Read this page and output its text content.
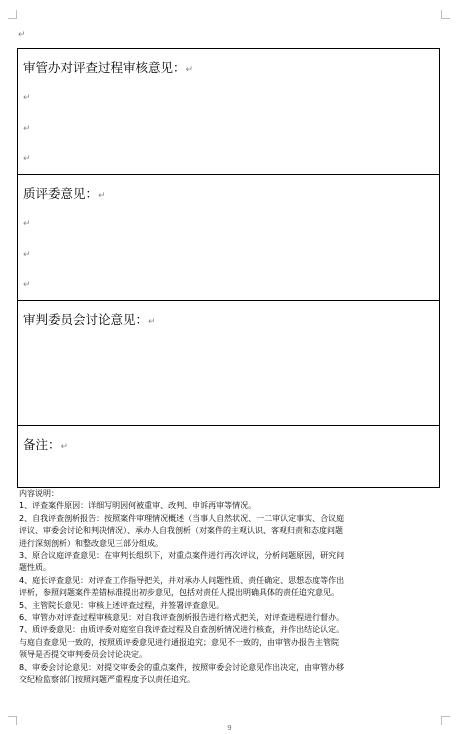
↵
审管办对评查过程审核意见：↵
↵
↵
↵
质评委意见：↵
↵
↵
↵
审判委员会讨论意见：↵
备注：↵
内容说明：
1、评查案件原因：详细写明因何被重审、改判、申诉再审等情况。
2、自我评查剖析报告：按照案件审理情况概述（当事人自然状况、一二审认定事实、合议庭
评议、审委会讨论和判决情况）、承办人自我剖析（对案件的主观认识、客观归责和态度问题
进行深刻剖析）和整改意见三部分组成。
3、原合议庭评查意见：在审判长组织下，对重点案件进行再次评议，分析问题原因，研究问
题性质。
4、庭长评查意见：对评查工作指导把关，并对承办人问题性质、责任确定、思想态度等作出
评析，参照问题案件差错标准提出初步意见，包括对责任人提出明确具体的责任追究意见。
5、主管院长意见：审核上述评查过程，并签署评查意见。
6、审管办对评查过程审核意见：对自我评查剖析报告进行格式把关，对评查进程进行督办。
7、质评委意见：由质评委对庭室自我评查过程及自查剖析情况进行核查，并作出结论认定。
与庭自查意见一致的，按照质评委意见进行通报追究；意见不一致的，由审管办报告主管院
领导是否提交审判委员会讨论决定。
8、审委会讨论意见：对提交审委会的重点案件，按照审委会讨论意见作出决定，由审管办移
交纪检监察部门按照问题严重程度予以责任追究。
9
